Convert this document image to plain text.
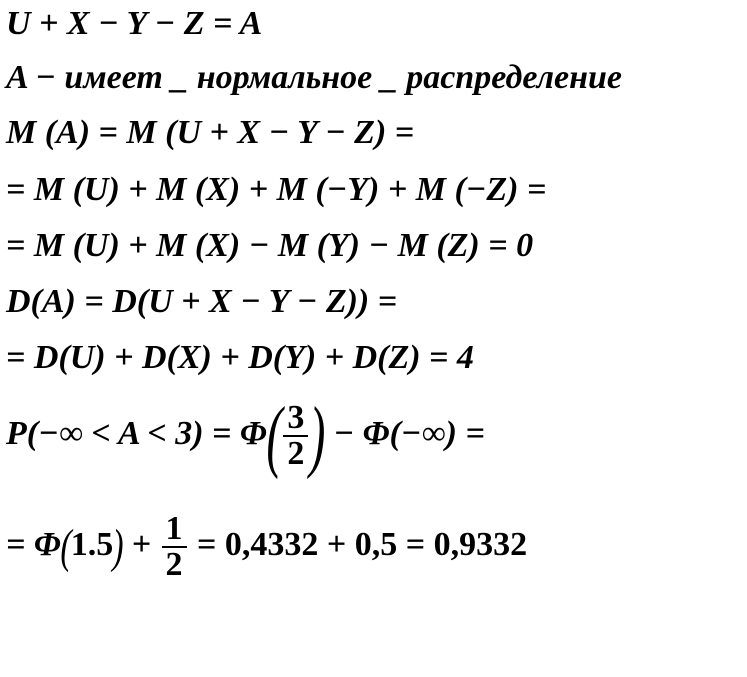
U + X − Y − Z = A
A − имеет _ нормальное _ распределение
M (A) = M (U + X − Y − Z) =
= M (U) + M (X) + M (−Y) + M (−Z) =
= M (U) + M (X) − M (Y) − M (Z) = 0
D(A) = D(U + X − Y − Z)) =
= D(U) + D(X) + D(Y) + D(Z) = 4
$P(-\infty < A < 3) = \Phi( \frac{3}{2}$ ) − Φ(−∞) =
= $\Phi(1.5) + \frac{1}{2} = 0,4332 + 0,5 = 0,9332$
